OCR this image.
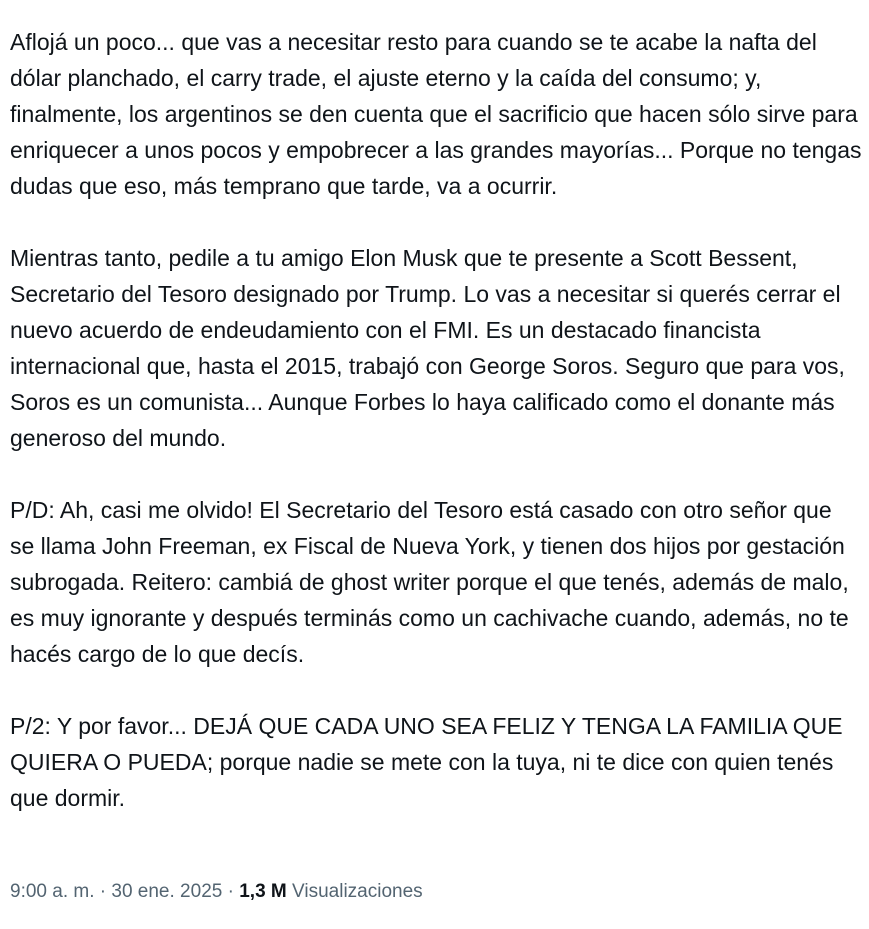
Aflojá un poco... que vas a necesitar resto para cuando se te acabe la nafta del dólar planchado, el carry trade, el ajuste eterno y la caída del consumo; y, finalmente, los argentinos se den cuenta que el sacrificio que hacen sólo sirve para enriquecer a unos pocos y empobrecer a las grandes mayorías... Porque no tengas dudas que eso, más temprano que tarde, va a ocurrir.

Mientras tanto, pedile a tu amigo Elon Musk que te presente a Scott Bessent, Secretario del Tesoro designado por Trump. Lo vas a necesitar si querés cerrar el nuevo acuerdo de endeudamiento con el FMI. Es un destacado financista internacional que, hasta el 2015, trabajó con George Soros. Seguro que para vos, Soros es un comunista... Aunque Forbes lo haya calificado como el donante más generoso del mundo.

P/D: Ah, casi me olvido! El Secretario del Tesoro está casado con otro señor que se llama John Freeman, ex Fiscal de Nueva York, y tienen dos hijos por gestación subrogada. Reitero: cambiá de ghost writer porque el que tenés, además de malo, es muy ignorante y después terminás como un cachivache cuando, además, no te hacés cargo de lo que decís.

P/2: Y por favor... DEJÁ QUE CADA UNO SEA FELIZ Y TENGA LA FAMILIA QUE QUIERA O PUEDA; porque nadie se mete con la tuya, ni te dice con quien tenés que dormir.

9:00 a. m. · 30 ene. 2025 · 1,3 M Visualizaciones
